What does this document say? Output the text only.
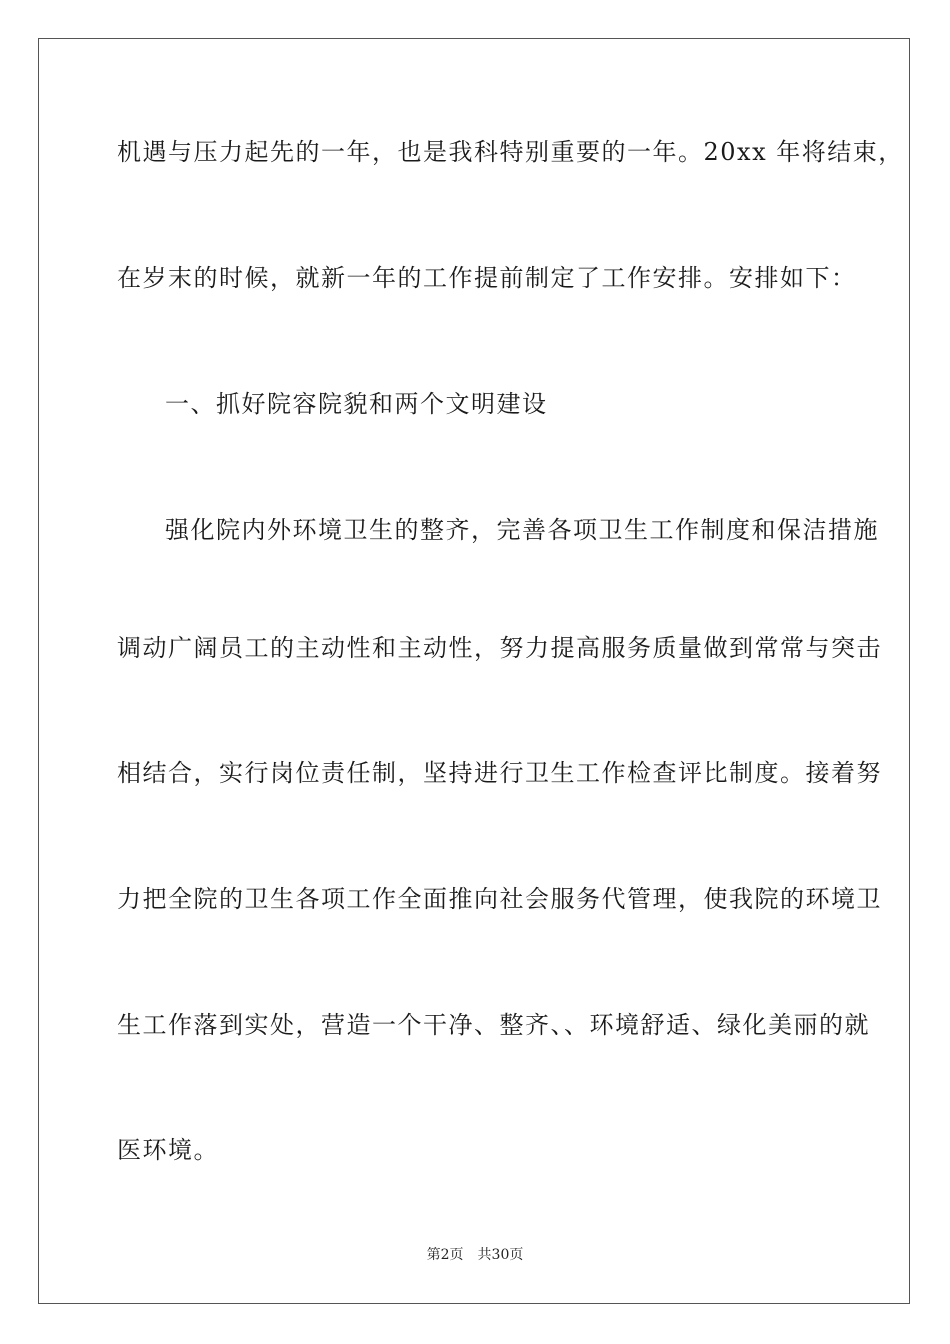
机遇与压力起先的一年，也是我科特别重要的一年。20xx 年将结束，
在岁末的时候，就新一年的工作提前制定了工作安排。安排如下：
一、抓好院容院貌和两个文明建设
强化院内外环境卫生的整齐，完善各项卫生工作制度和保洁措施
调动广阔员工的主动性和主动性，努力提高服务质量做到常常与突击
相结合，实行岗位责任制，坚持进行卫生工作检查评比制度。接着努
力把全院的卫生各项工作全面推向社会服务代管理，使我院的环境卫
生工作落到实处，营造一个干净、整齐、、环境舒适、绿化美丽的就
医环境。
第2页 共30页
